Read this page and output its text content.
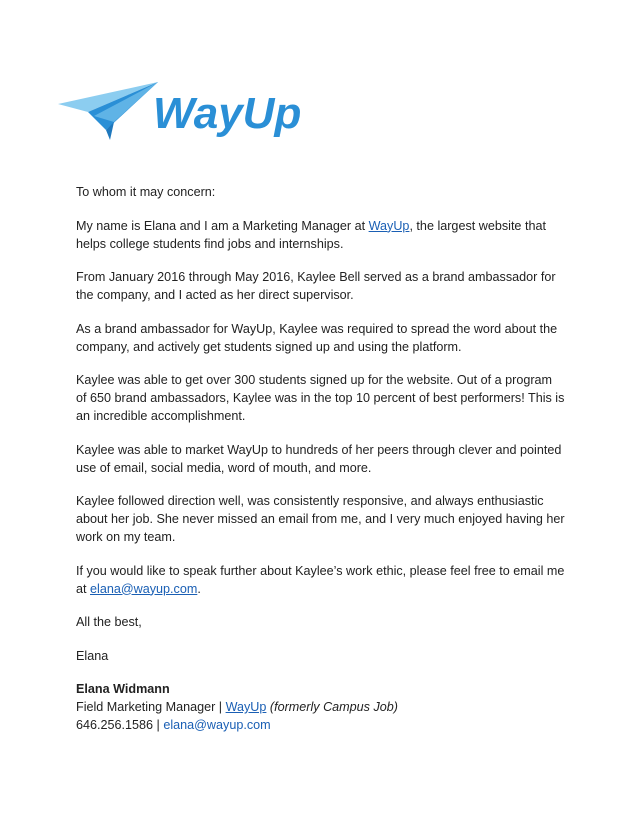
WayUp

To whom it may concern:

My name is Elana and I am a Marketing Manager at WayUp, the largest website that helps college students find jobs and internships.

From January 2016 through May 2016, Kaylee Bell served as a brand ambassador for the company, and I acted as her direct supervisor.

As a brand ambassador for WayUp, Kaylee was required to spread the word about the company, and actively get students signed up and using the platform.

Kaylee was able to get over 300 students signed up for the website. Out of a program of 650 brand ambassadors, Kaylee was in the top 10 percent of best performers! This is an incredible accomplishment.

Kaylee was able to market WayUp to hundreds of her peers through clever and pointed use of email, social media, word of mouth, and more.

Kaylee followed direction well, was consistently responsive, and always enthusiastic about her job. She never missed an email from me, and I very much enjoyed having her work on my team.

If you would like to speak further about Kaylee’s work ethic, please feel free to email me at elana@wayup.com.

All the best,

Elana

Elana Widmann
Field Marketing Manager | WayUp (formerly Campus Job)
646.256.1586 | elana@wayup.com
